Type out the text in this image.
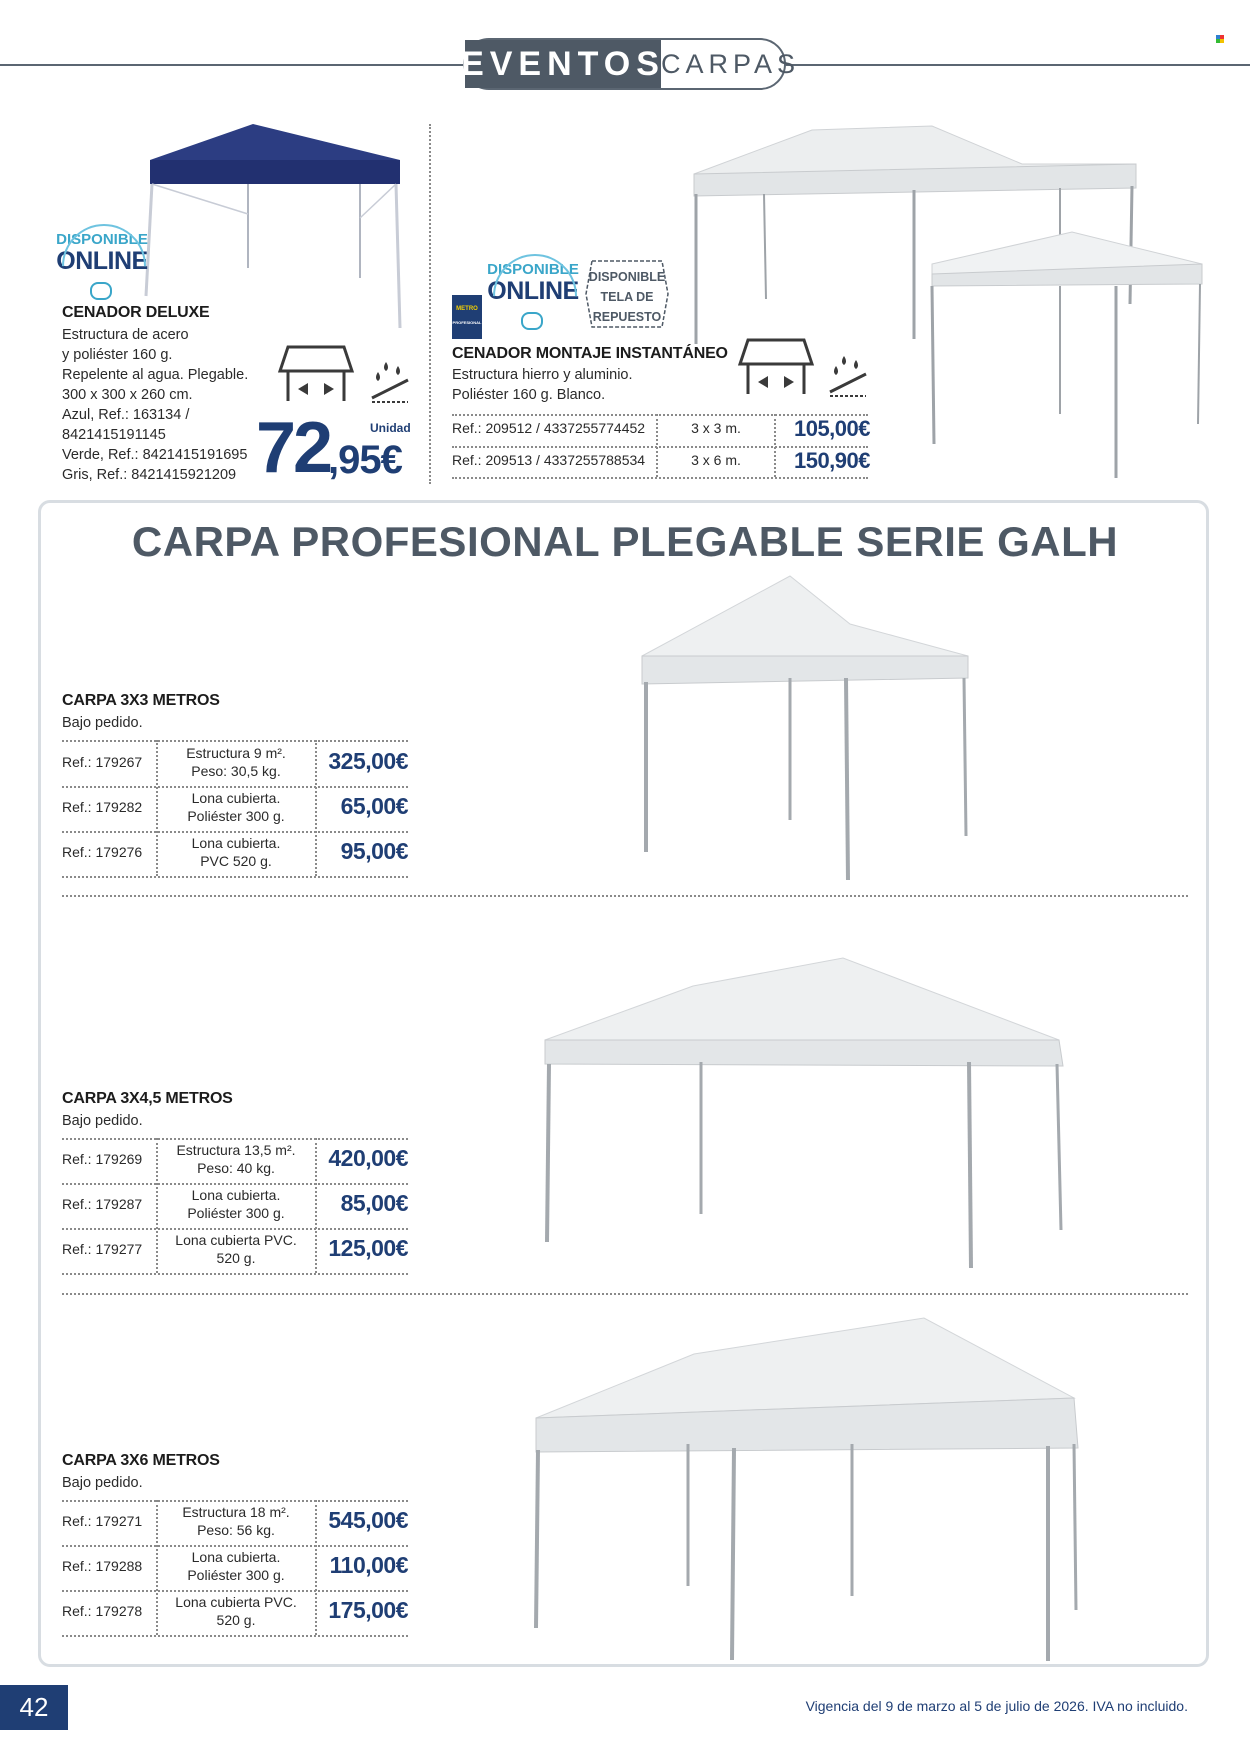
EVENTOS
CARPAS
DISPONIBLE
ONLINE
CENADOR DELUXE
Estructura de acero
y poliéster 160 g.
Repelente al agua. Plegable.
300 x 300 x 260 cm.
Azul, Ref.: 163134 /
8421415191145
Verde, Ref.: 8421415191695
Gris, Ref.: 8421415921209
Unidad
72
,95€
DISPONIBLE
ONLINE
METRO
PROFESIONAL
DISPONIBLE
TELA DE
REPUESTO
CENADOR MONTAJE INSTANTÁNEO
Estructura hierro y aluminio.
Poliéster 160 g. Blanco.
Ref.: 209512 / 4337255774452	3 x 3 m.	105,00€
Ref.: 209513 / 4337255788534	3 x 6 m.	150,90€
CARPA PROFESIONAL PLEGABLE SERIE GALH
CARPA 3X3 METROS
Bajo pedido.
Ref.: 179267
Estructura 9 m².
Peso: 30,5 kg.	325,00€
Ref.: 179282
Lona cubierta.
Poliéster 300 g.	65,00€
Ref.: 179276
Lona cubierta.
PVC 520 g.	95,00€
CARPA 3X4,5 METROS
Bajo pedido.
Ref.: 179269
Estructura 13,5 m².
Peso: 40 kg.	420,00€
Ref.: 179287
Lona cubierta.
Poliéster 300 g.	85,00€
Ref.: 179277
Lona cubierta PVC.
520 g.	125,00€
CARPA 3X6 METROS
Bajo pedido.
Ref.: 179271
Estructura 18 m².
Peso: 56 kg.	545,00€
Ref.: 179288
Lona cubierta.
Poliéster 300 g.	110,00€
Ref.: 179278
Lona cubierta PVC.
520 g.	175,00€
42	Vigencia del 9 de marzo al 5 de julio de 2026. IVA no incluido.
